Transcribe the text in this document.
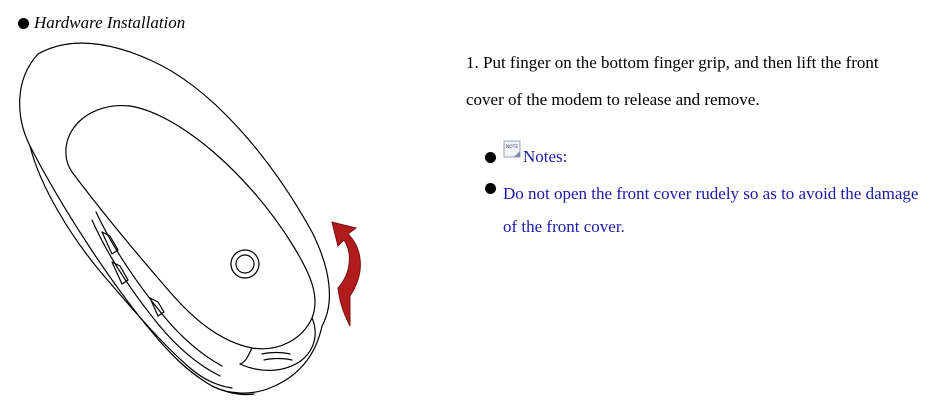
Hardware Installation
1. Put finger on the bottom finger grip, and then lift the front cover of the modem to release and remove.
NOTE Notes:
Do not open the front cover rudely so as to avoid the damage of the front cover.
